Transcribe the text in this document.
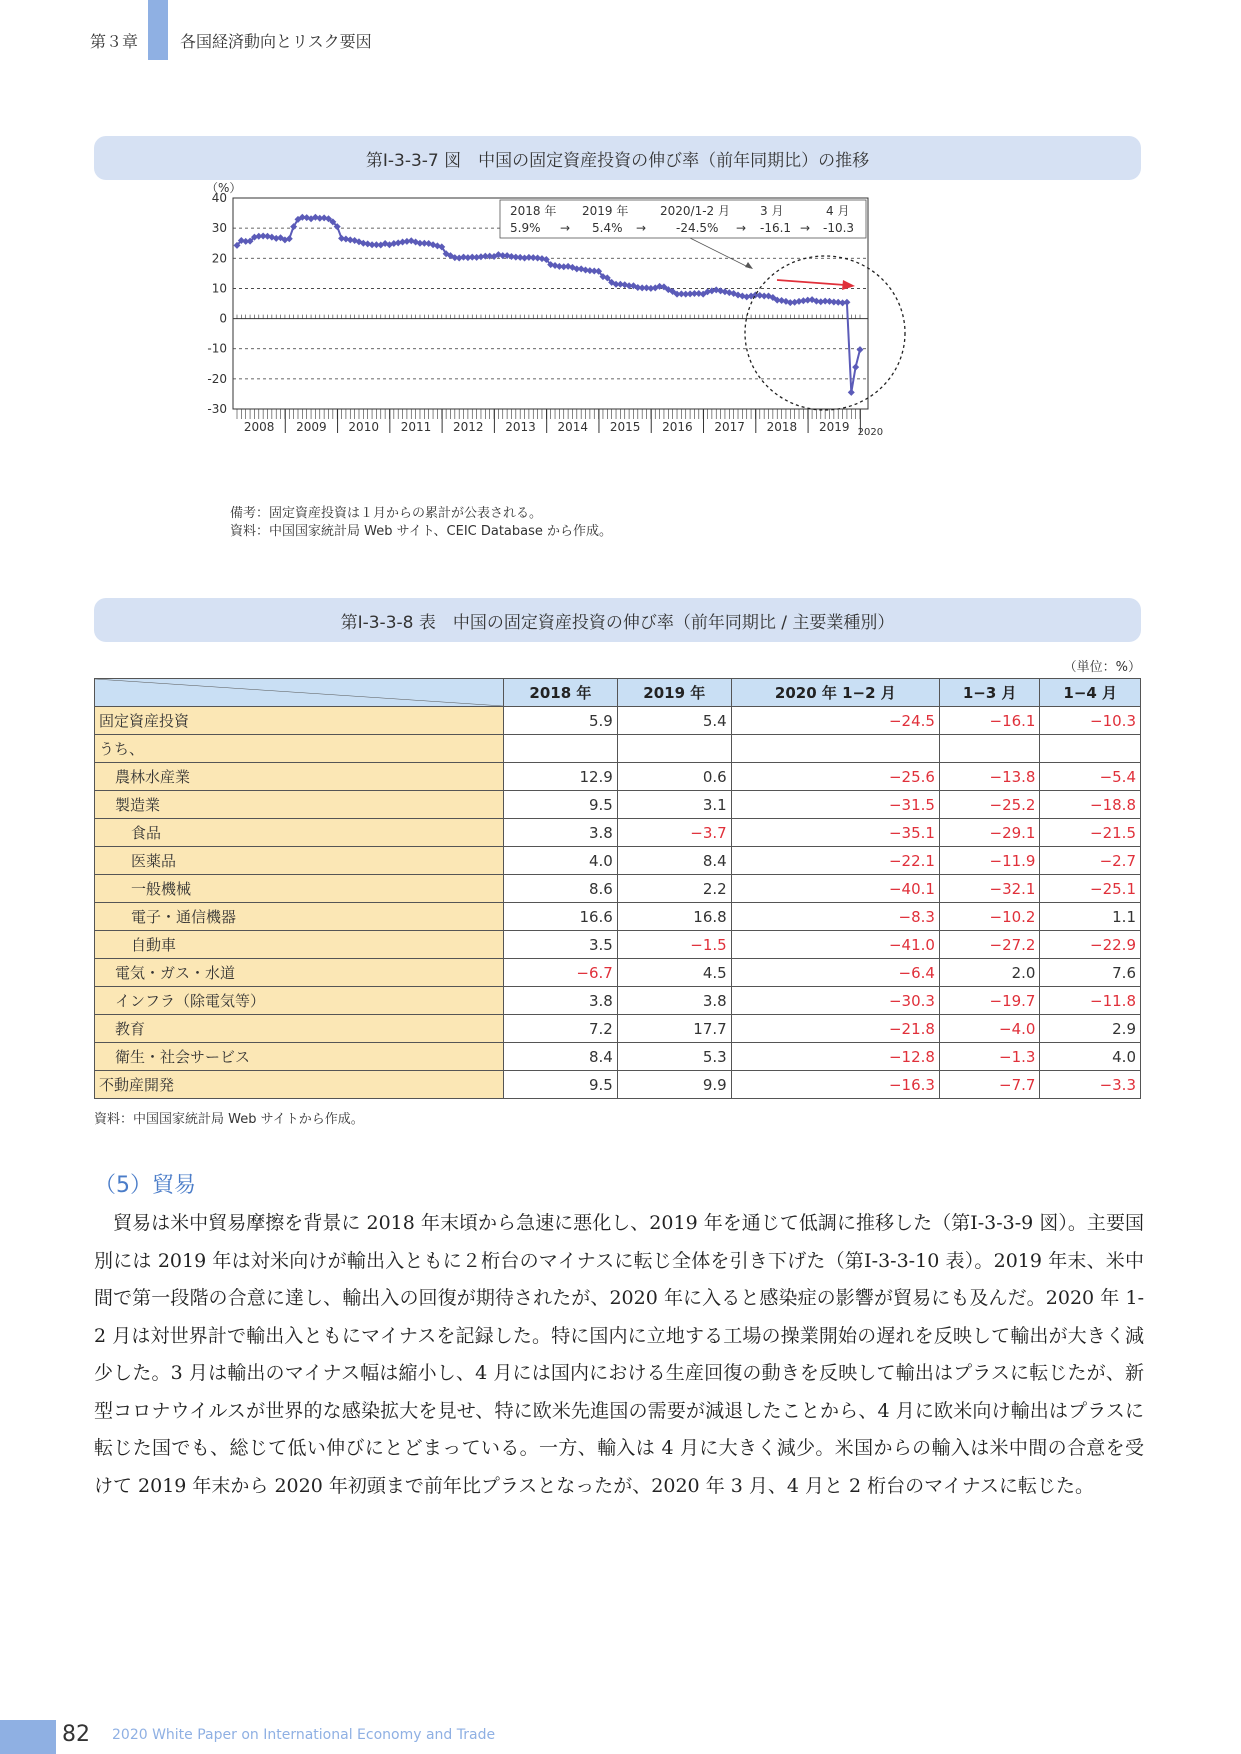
第３章	各国経済動向とリスク要因
第Ⅰ-3-3-7 図　中国の固定資産投資の伸び率（前年同期比）の推移
40
30
20
10
0
-10
-20
-30
（%）
2008 2009 2010 2011 2012 2013 2014 2015 2016 2017 2018 2019 2020
2018 年 2019 年	2020/1-2 月	3 月	4 月
5.9% → 5.4% → -24.5% → -16.1 → -10.3
備考：固定資産投資は１月からの累計が公表される。
資料：中国国家統計局 Web サイト、CEIC Database から作成。
第Ⅰ-3-3-8 表　中国の固定資産投資の伸び率（前年同期比 / 主要業種別）
（単位：%）
	2018 年	2019 年	2020 年 1−2 月	1−3 月	1−4 月
固定資産投資	5.9	5.4	−24.5	−16.1	−10.3
うち、					
農林水産業	12.9	0.6	−25.6	−13.8	−5.4
製造業	9.5	3.1	−31.5	−25.2	−18.8
食品	3.8	−3.7	−35.1	−29.1	−21.5
医薬品	4.0	8.4	−22.1	−11.9	−2.7
一般機械	8.6	2.2	−40.1	−32.1	−25.1
電子・通信機器	16.6	16.8	−8.3	−10.2	1.1
自動車	3.5	−1.5	−41.0	−27.2	−22.9
電気・ガス・水道	−6.7	4.5	−6.4	2.0	7.6
インフラ（除電気等）	3.8	3.8	−30.3	−19.7	−11.8
教育	7.2	17.7	−21.8	−4.0	2.9
衛生・社会サービス	8.4	5.3	−12.8	−1.3	4.0
不動産開発	9.5	9.9	−16.3	−7.7	−3.3
資料：中国国家統計局 Web サイトから作成。
（5）貿易

貿易は米中貿易摩擦を背景に 2018 年末頃から急速に悪化し、2019 年を通じて低調に推移した（第Ⅰ-3-3-9 図）。主要国別には 2019 年は対米向けが輸出入ともに２桁台のマイナスに転じ全体を引き下げた（第Ⅰ-3-3-10 表）。2019 年末、米中間で第一段階の合意に達し、輸出入の回復が期待されたが、2020 年に入ると感染症の影響が貿易にも及んだ。2020 年 1-2 月は対世界計で輸出入ともにマイナスを記録した。特に国内に立地する工場の操業開始の遅れを反映して輸出が大きく減少した。3 月は輸出のマイナス幅は縮小し、4 月には国内における生産回復の動きを反映して輸出はプラスに転じたが、新型コロナウイルスが世界的な感染拡大を見せ、特に欧米先進国の需要が減退したことから、4 月に欧米向け輸出はプラスに転じた国でも、総じて低い伸びにとどまっている。一方、輸入は 4 月に大きく減少。米国からの輸入は米中間の合意を受けて 2019 年末から 2020 年初頭まで前年比プラスとなったが、2020 年 3 月、4 月と 2 桁台のマイナスに転じた。

82 2020 White Paper on International Economy and Trade
